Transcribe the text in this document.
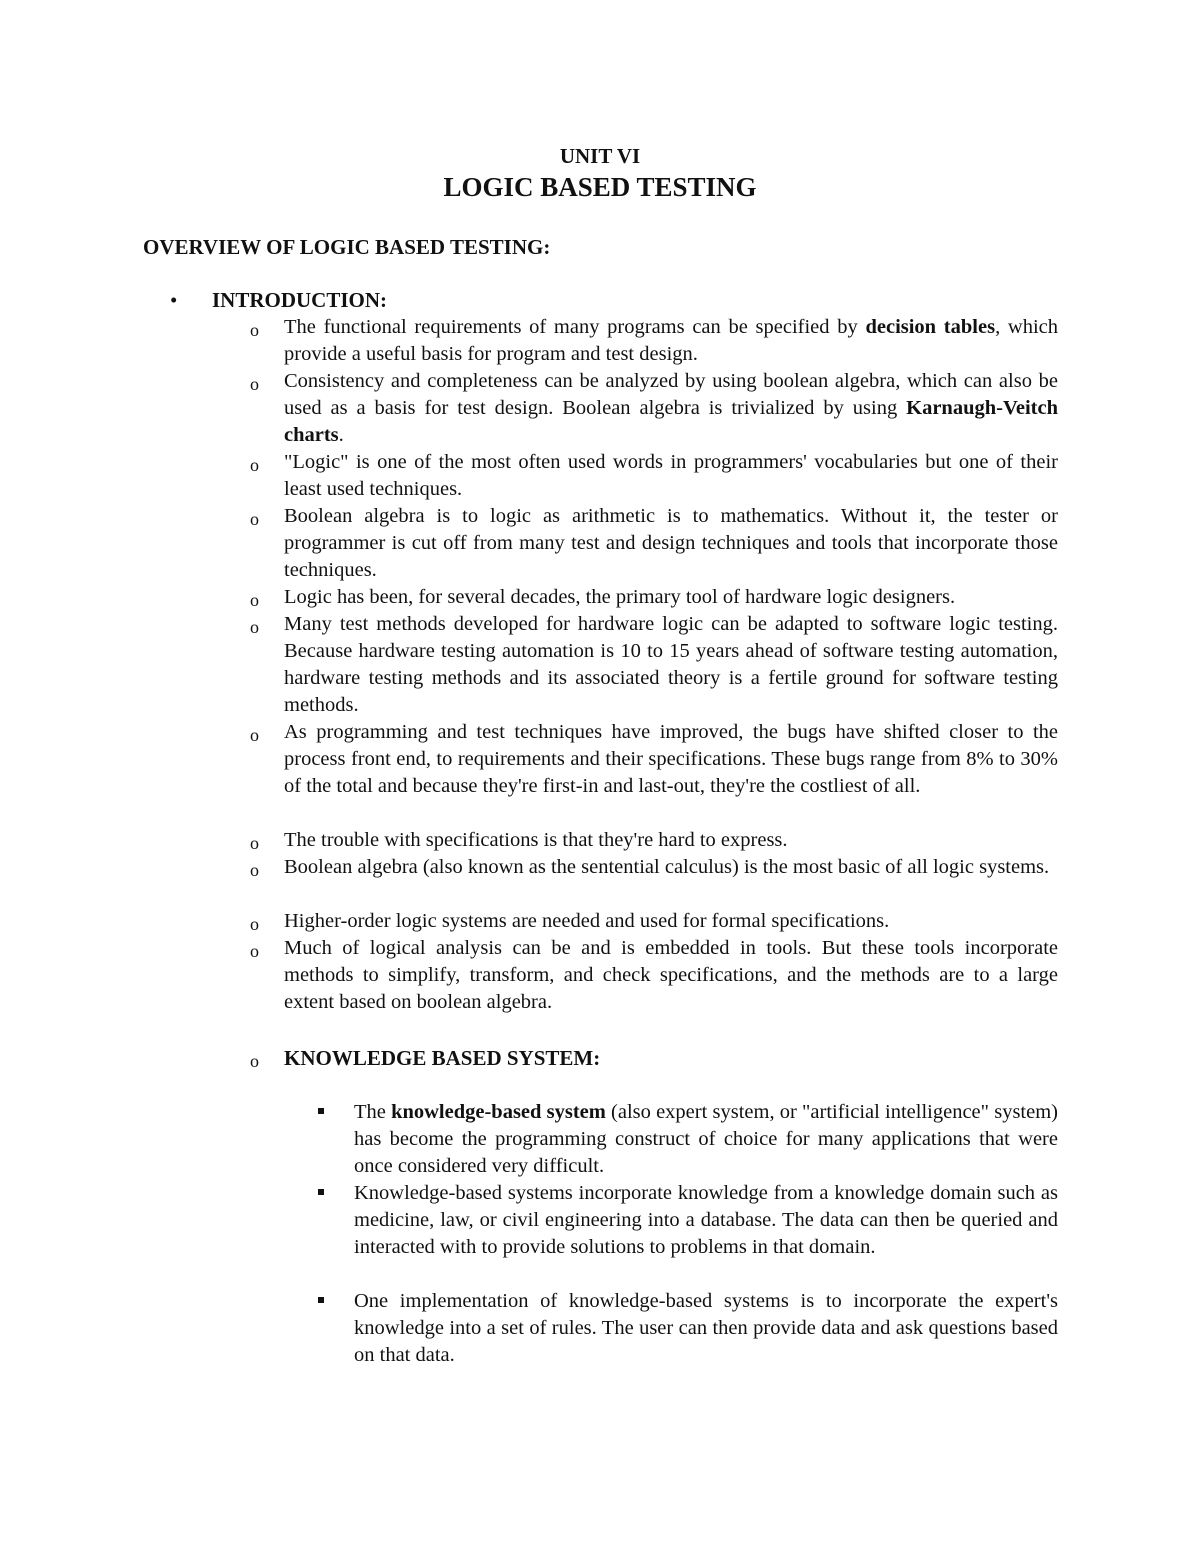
UNIT VI
LOGIC BASED TESTING
OVERVIEW OF LOGIC BASED TESTING:
• INTRODUCTION:
o The functional requirements of many programs can be specified by decision tables, which provide a useful basis for program and test design.
o Consistency and completeness can be analyzed by using boolean algebra, which can also be used as a basis for test design. Boolean algebra is trivialized by using Karnaugh-Veitch charts.
o "Logic" is one of the most often used words in programmers' vocabularies but one of their least used techniques.
o Boolean algebra is to logic as arithmetic is to mathematics. Without it, the tester or programmer is cut off from many test and design techniques and tools that incorporate those techniques.
o Logic has been, for several decades, the primary tool of hardware logic designers.
o Many test methods developed for hardware logic can be adapted to software logic testing. Because hardware testing automation is 10 to 15 years ahead of software testing automation, hardware testing methods and its associated theory is a fertile ground for software testing methods.
o As programming and test techniques have improved, the bugs have shifted closer to the process front end, to requirements and their specifications. These bugs range from 8% to 30% of the total and because they're first-in and last-out, they're the costliest of all.
o The trouble with specifications is that they're hard to express.
o Boolean algebra (also known as the sentential calculus) is the most basic of all logic systems.
o Higher-order logic systems are needed and used for formal specifications.
o Much of logical analysis can be and is embedded in tools. But these tools incorporate methods to simplify, transform, and check specifications, and the methods are to a large extent based on boolean algebra.
o KNOWLEDGE BASED SYSTEM:
The knowledge-based system (also expert system, or "artificial intelligence" system) has become the programming construct of choice for many applications that were once considered very difficult.
Knowledge-based systems incorporate knowledge from a knowledge domain such as medicine, law, or civil engineering into a database. The data can then be queried and interacted with to provide solutions to problems in that domain.
One implementation of knowledge-based systems is to incorporate the expert's knowledge into a set of rules. The user can then provide data and ask questions based on that data.
